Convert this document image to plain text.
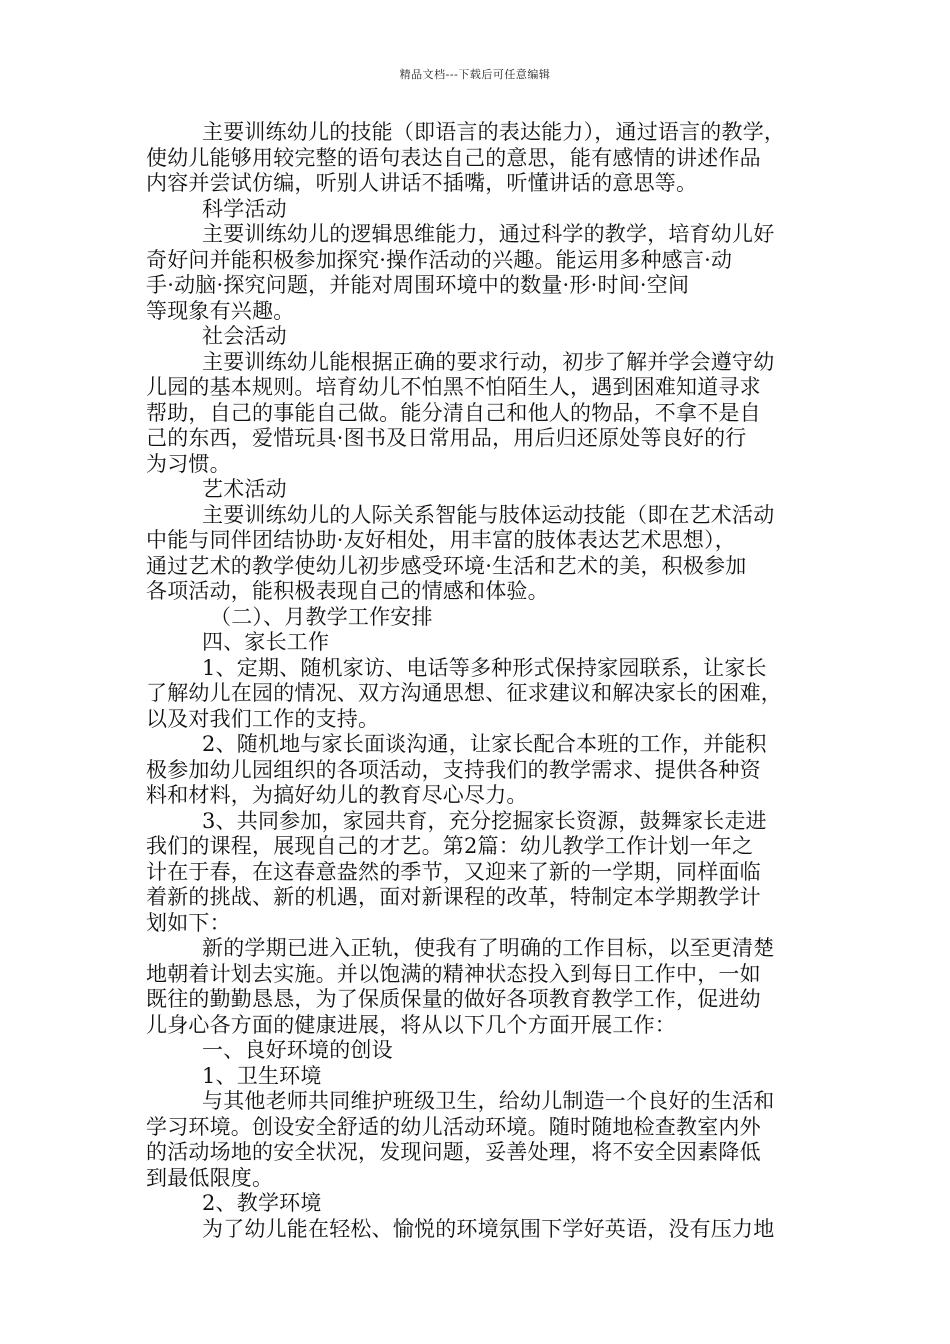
精品文档---下载后可任意编辑
主要训练幼儿的技能（即语言的表达能力），通过语言的教学，
使幼儿能够用较完整的语句表达自己的意思，能有感情的讲述作品
内容并尝试仿编，听别人讲话不插嘴，听懂讲话的意思等。
科学活动
主要训练幼儿的逻辑思维能力，通过科学的教学，培育幼儿好
奇好问并能积极参加探究·操作活动的兴趣。能运用多种感言·动
手·动脑·探究问题，并能对周围环境中的数量·形·时间·空间
等现象有兴趣。
社会活动
主要训练幼儿能根据正确的要求行动，初步了解并学会遵守幼
儿园的基本规则。培育幼儿不怕黑不怕陌生人，遇到困难知道寻求
帮助，自己的事能自己做。能分清自己和他人的物品，不拿不是自
己的东西，爱惜玩具·图书及日常用品，用后归还原处等良好的行
为习惯。
艺术活动
主要训练幼儿的人际关系智能与肢体运动技能（即在艺术活动
中能与同伴团结协助·友好相处，用丰富的肢体表达艺术思想），
通过艺术的教学使幼儿初步感受环境·生活和艺术的美，积极参加
各项活动，能积极表现自己的情感和体验。
（二）、月教学工作安排
四、家长工作
1、定期、随机家访、电话等多种形式保持家园联系，让家长
了解幼儿在园的情况、双方沟通思想、征求建议和解决家长的困难，
以及对我们工作的支持。
2、随机地与家长面谈沟通，让家长配合本班的工作，并能积
极参加幼儿园组织的各项活动，支持我们的教学需求、提供各种资
料和材料，为搞好幼儿的教育尽心尽力。
3、共同参加，家园共育，充分挖掘家长资源，鼓舞家长走进
我们的课程，展现自己的才艺。第2篇：幼儿教学工作计划一年之
计在于春，在这春意盎然的季节，又迎来了新的一学期，同样面临
着新的挑战、新的机遇，面对新课程的改革，特制定本学期教学计
划如下：
新的学期已进入正轨，使我有了明确的工作目标，以至更清楚
地朝着计划去实施。并以饱满的精神状态投入到每日工作中，一如
既往的勤勤恳恳，为了保质保量的做好各项教育教学工作，促进幼
儿身心各方面的健康进展，将从以下几个方面开展工作：
一、良好环境的创设
1、卫生环境
与其他老师共同维护班级卫生，给幼儿制造一个良好的生活和
学习环境。创设安全舒适的幼儿活动环境。随时随地检查教室内外
的活动场地的安全状况，发现问题，妥善处理，将不安全因素降低
到最低限度。
2、教学环境
为了幼儿能在轻松、愉悦的环境氛围下学好英语，没有压力地
